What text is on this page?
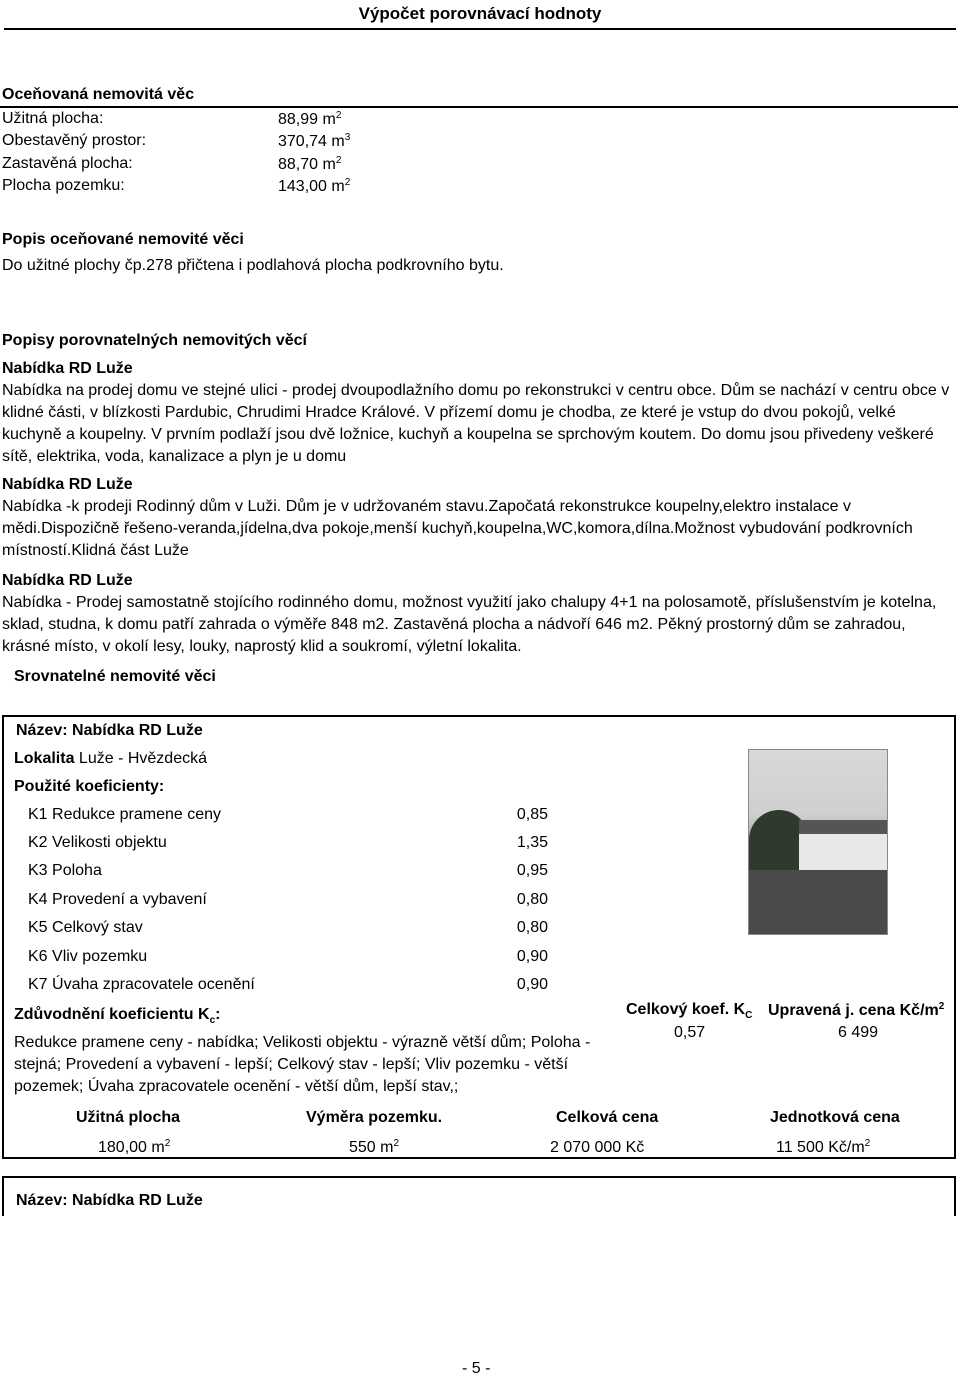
Výpočet porovnávací hodnoty
Oceňovaná nemovitá věc
Užitná plocha:	88,99 $m^2$
Obestavěný prostor:	370,74 $m^3$
Zastavěná plocha:	88,70 $m^2$
Plocha pozemku:	143,00 $m^2$
Popis oceňované nemovité věci
Do užitné plochy čp.278 přičtena i podlahová plocha podkrovního bytu.
Popisy porovnatelných nemovitých věcí
Nabídka RD Luže
Nabídka na prodej domu ve stejné ulici - prodej dvoupodlažního domu po rekonstrukci v centru obce. Dům se nachází v centru obce v klidné části, v blízkosti Pardubic, Chrudimi Hradce Králové. V přízemí domu je chodba, ze které je vstup do dvou pokojů, velké kuchyně a koupelny. V prvním podlaží jsou dvě ložnice, kuchyň a koupelna se sprchovým koutem. Do domu jsou přivedeny veškeré sítě, elektrika, voda, kanalizace a plyn je u domu
Nabídka RD Luže
Nabídka -k prodeji Rodinný dům v Luži. Dům je v udržovaném stavu.Započatá rekonstrukce koupelny,elektro instalace v mědi.Dispozičně řešeno-veranda,jídelna,dva pokoje,menší kuchyň,koupelna,WC,komora,dílna.Možnost vybudování podkrovních místností.Klidná část Luže
Nabídka RD Luže
Nabídka - Prodej samostatně stojícího rodinného domu, možnost využití jako chalupy 4+1 na polosamotě, příslušenstvím je kotelna, sklad, studna, k domu patří zahrada o výměře 848 m2. Zastavěná plocha a nádvoří 646 m2. Pěkný prostorný dům se zahradou, krásné místo, v okolí lesy, louky, naprostý klid a soukromí, výletní lokalita.
Srovnatelné nemovité věci
Název: Nabídka RD Luže
Lokalita Luže - Hvězdecká
Použité koeficienty:
K1 Redukce pramene ceny	0,85
K2 Velikosti objektu	1,35
K3 Poloha	0,95
K4 Provedení a vybavení	0,80
K5 Celkový stav	0,80
K6 Vliv pozemku	0,90
K7 Úvaha zpracovatele ocenění	0,90
Zdůvodnění koeficientu $K_c$:
Redukce pramene ceny - nabídka; Velikosti objektu - výrazně větší dům; Poloha - stejná; Provedení a vybavení - lepší; Celkový stav - lepší; Vliv pozemku - větší pozemek; Úvaha zpracovatele ocenění - větší dům, lepší stav,;
Celkový koef. $K_C$
0,57
Upravená j. cena $Kč/m^2$
6 499
Užitná plocha	Výměra pozemku.	Celková cena	Jednotková cena
180,00 $m^2$	550 $m^2$	2 070 000 Kč	11 500 $Kč/m^2$
Název: Nabídka RD Luže
- 5 -
